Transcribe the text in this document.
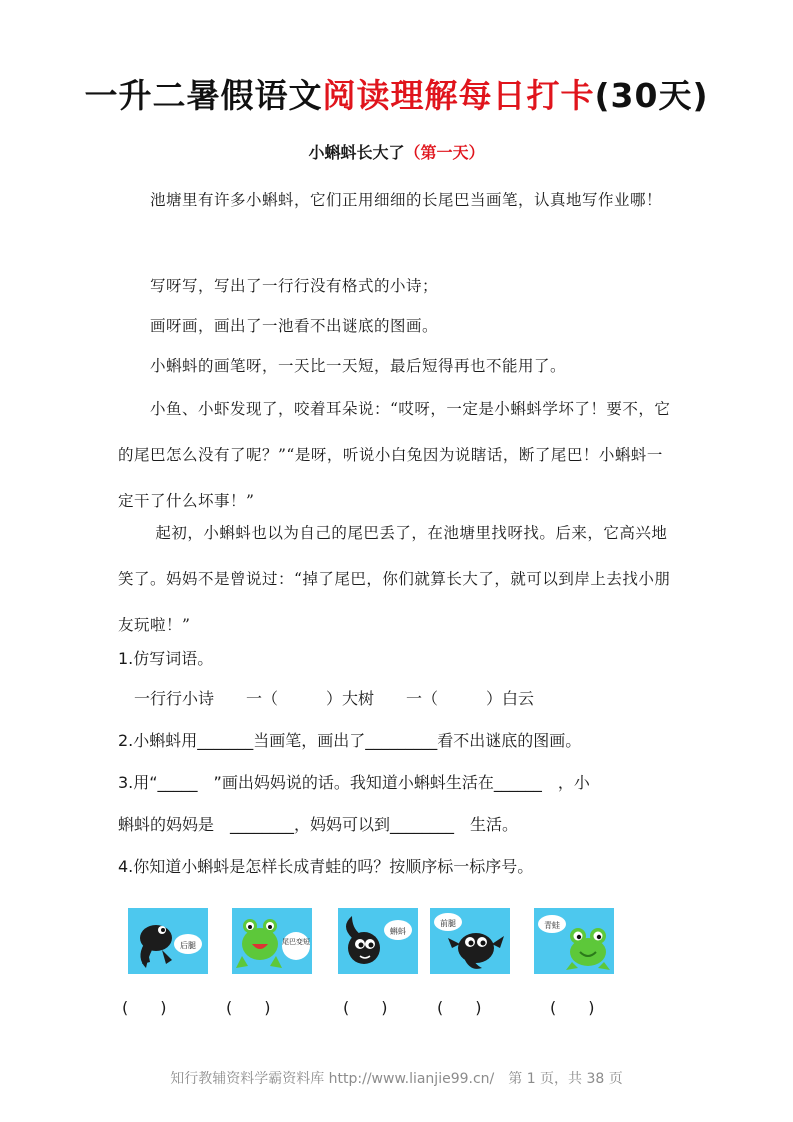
一升二暑假语文阅读理解每日打卡(30天)
小蝌蚪长大了（第一天）
　　池塘里有许多小蝌蚪，它们正用细细的长尾巴当画笔，认真地写作业哪！
　　写呀写，写出了一行行没有格式的小诗；
　　画呀画，画出了一池看不出谜底的图画。
　　小蝌蚪的画笔呀，一天比一天短，最后短得再也不能用了。
　　小鱼、小虾发现了，咬着耳朵说：“哎呀，一定是小蝌蚪学坏了！要不，它的尾巴怎么没有了呢？”“是呀，听说小白兔因为说瞎话，断了尾巴！小蝌蚪一定干了什么坏事！”
　　 起初，小蝌蚪也以为自己的尾巴丢了，在池塘里找呀找。后来，它高兴地笑了。妈妈不是曾说过：“掉了尾巴，你们就算长大了，就可以到岸上去找小朋友玩啦！”
1.仿写词语。
　一行行小诗　　一（　　　）大树　　一（　　　）白云
2.小蝌蚪用_______当画笔，画出了_________看不出谜底的图画。
3.用“_____　”画出妈妈说的话。我知道小蝌蚪生活在______　，小
蝌蚪的妈妈是　________，妈妈可以到________　生活。
4.你知道小蝌蚪是怎样长成青蛙的吗？按顺序标一标序号。
后腿	尾巴变短
蝌蚪
前腿	青蛙
(　　)	(　　)	(　　)	(　　)	(　　)
知行教辅资料学霸资料库 http://www.lianjie99.cn/　第 1 页，共 38 页
